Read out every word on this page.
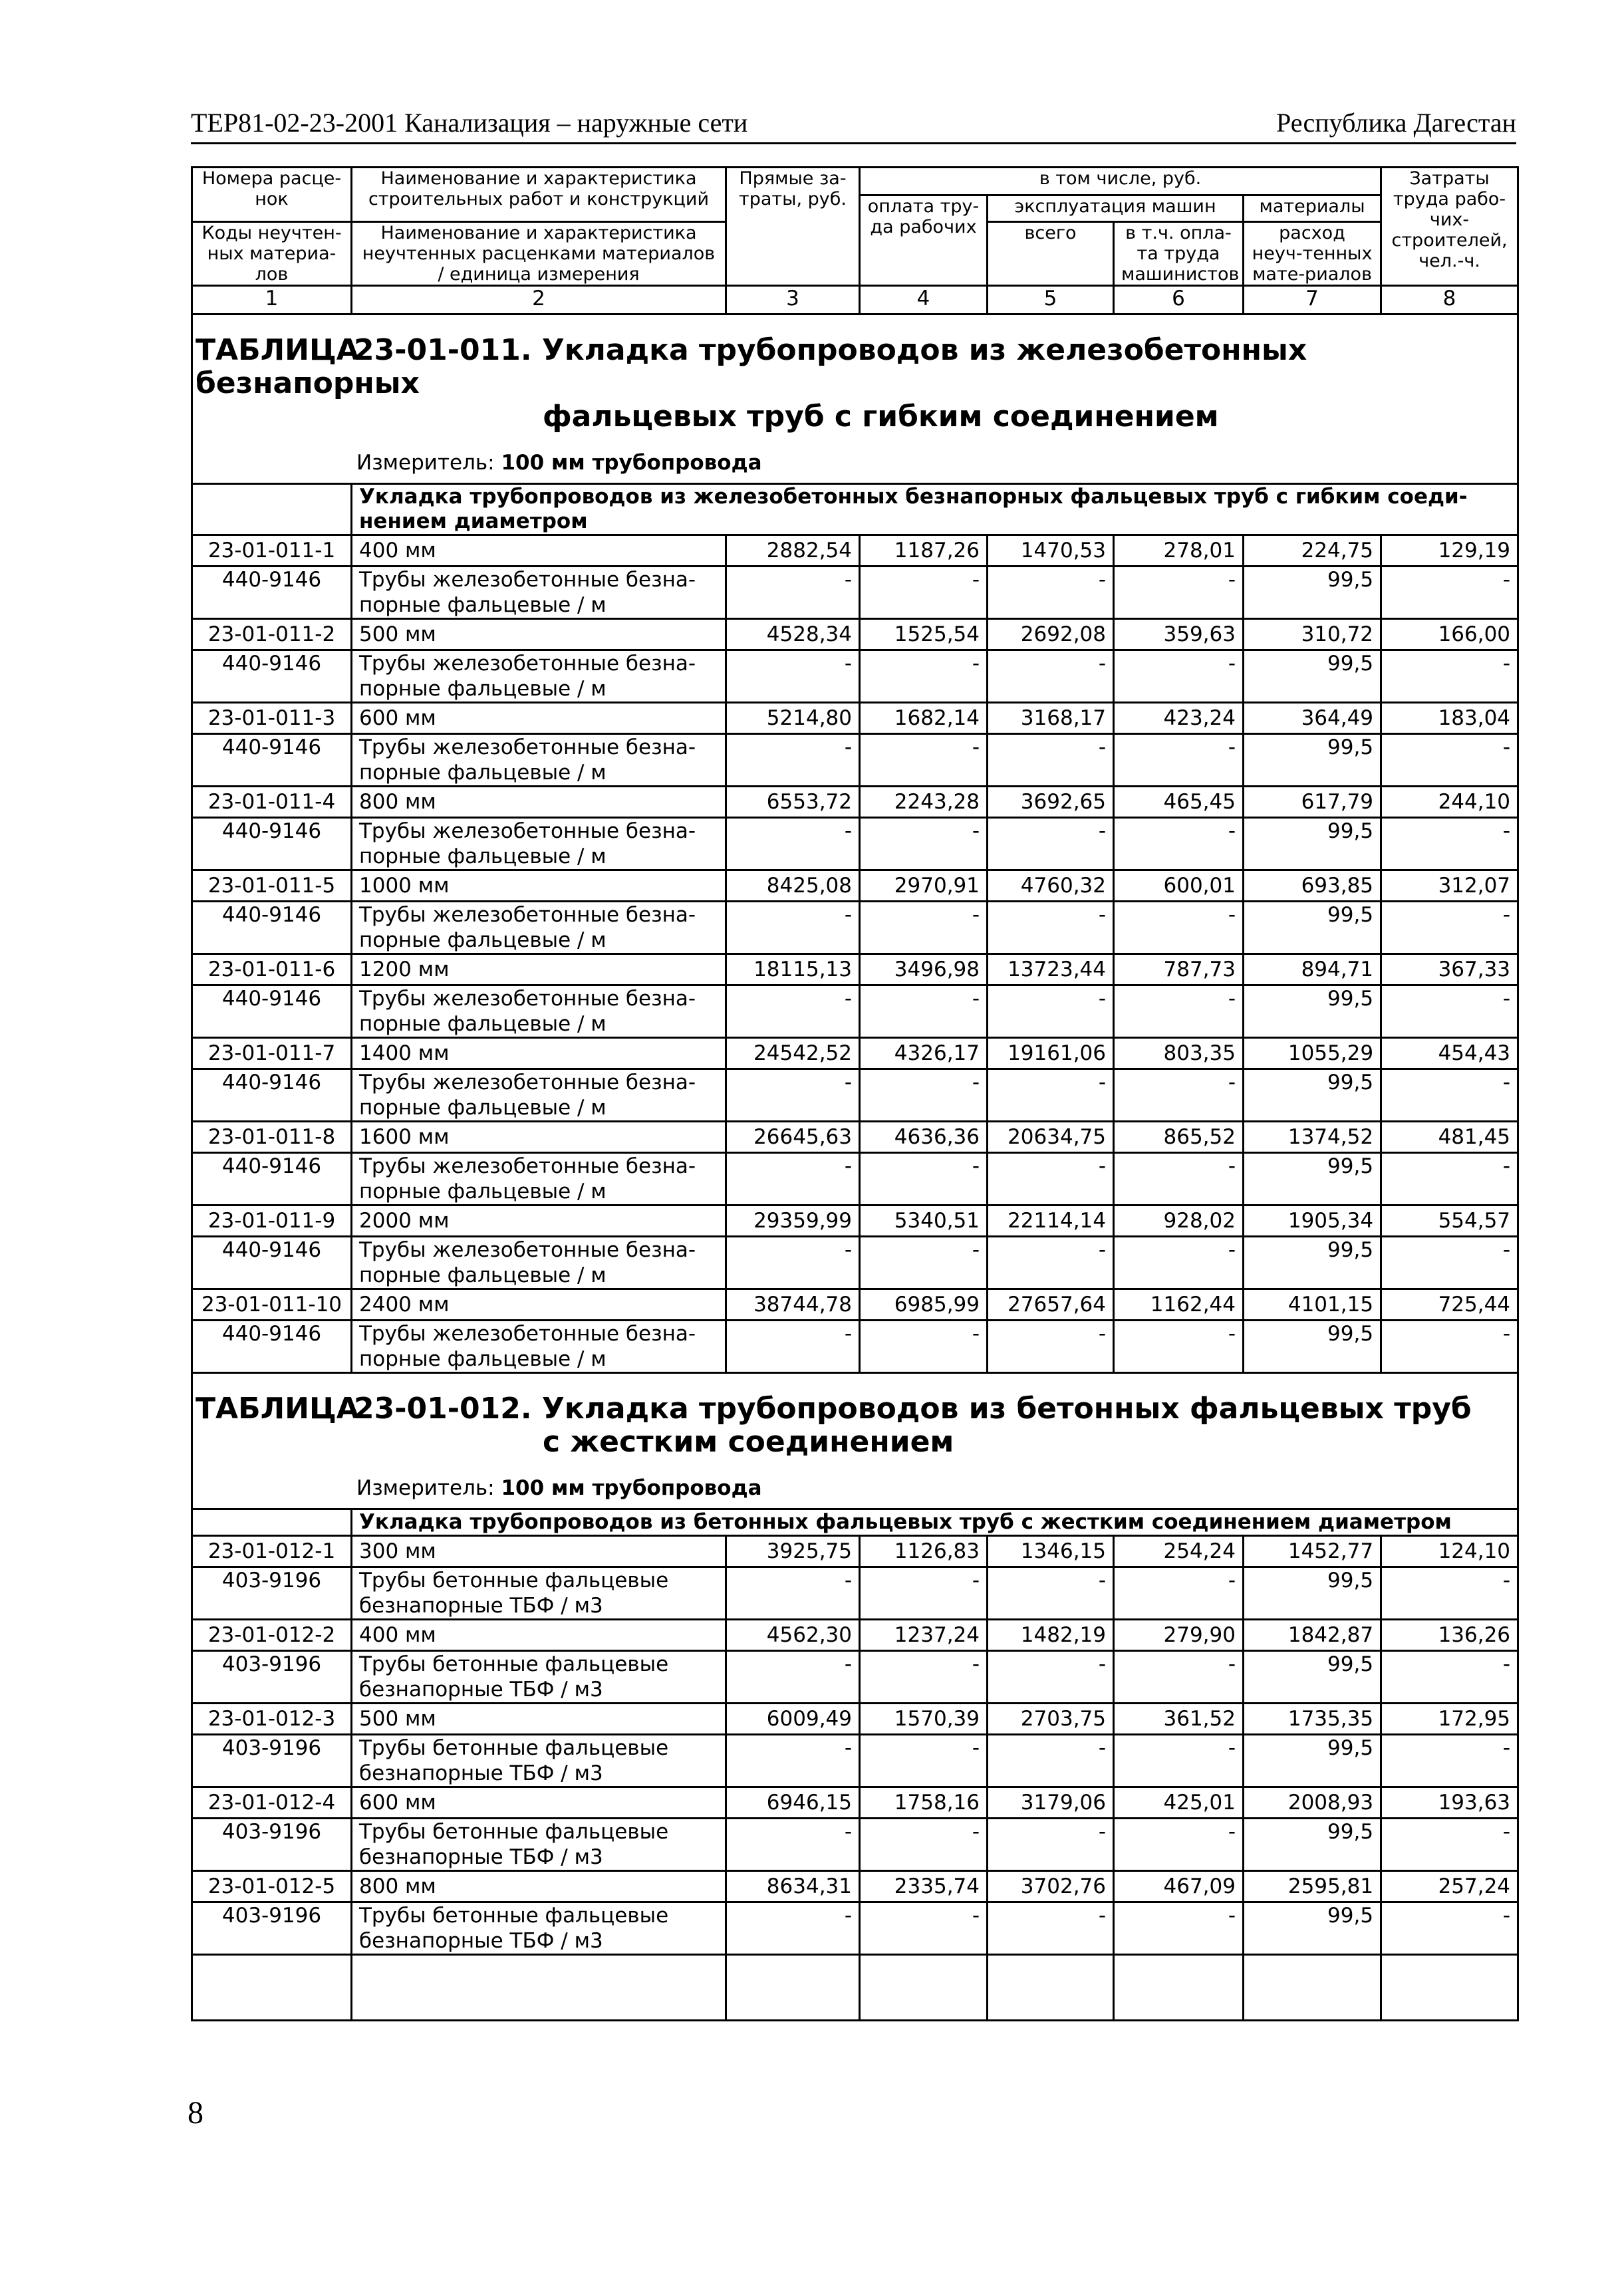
ТЕР81-02-23-2001 Канализация – наружные сети	Республика Дагестан
Номера расце-нок	Наименование и характеристика строительных работ и конструкций	Прямые за-траты, руб.	в том числе, руб.				Затраты труда рабо-чих-строителей, чел.-ч.
			оплата тру-да рабочих	эксплуатация машин		материалы	
Коды неучтен-ных материа-лов	Наименование и характеристика неучтенных расценками материалов / единица измерения			всего	в т.ч. опла-та труда машинистов	расход неуч-тенных мате-риалов	

1	2	3	4	5	6	7	8

ТАБЛИЦА23-01-011. Укладка трубопроводов из железобетонных безнапорных
фальцевых труб с гибким соединением
Измеритель: 100 мм трубопровода							

	Укладка трубопроводов из железобетонных безнапорных фальцевых труб с гибким соеди-нением диаметром						
23-01-011-1	400 мм	2882,54	1187,26	1470,53	278,01	224,75	129,19
440-9146	Трубы железобетонные безна-порные фальцевые / м	-	-	-	-	99,5	-
23-01-011-2	500 мм	4528,34	1525,54	2692,08	359,63	310,72	166,00
440-9146	Трубы железобетонные безна-порные фальцевые / м	-	-	-	-	99,5	-
23-01-011-3	600 мм	5214,80	1682,14	3168,17	423,24	364,49	183,04
440-9146	Трубы железобетонные безна-порные фальцевые / м	-	-	-	-	99,5	-
23-01-011-4	800 мм	6553,72	2243,28	3692,65	465,45	617,79	244,10
440-9146	Трубы железобетонные безна-порные фальцевые / м	-	-	-	-	99,5	-
23-01-011-5	1000 мм	8425,08	2970,91	4760,32	600,01	693,85	312,07
440-9146	Трубы железобетонные безна-порные фальцевые / м	-	-	-	-	99,5	-
23-01-011-6	1200 мм	18115,13	3496,98	13723,44	787,73	894,71	367,33
440-9146	Трубы железобетонные безна-порные фальцевые / м	-	-	-	-	99,5	-
23-01-011-7	1400 мм	24542,52	4326,17	19161,06	803,35	1055,29	454,43
440-9146	Трубы железобетонные безна-порные фальцевые / м	-	-	-	-	99,5	-
23-01-011-8	1600 мм	26645,63	4636,36	20634,75	865,52	1374,52	481,45
440-9146	Трубы железобетонные безна-порные фальцевые / м	-	-	-	-	99,5	-
23-01-011-9	2000 мм	29359,99	5340,51	22114,14	928,02	1905,34	554,57
440-9146	Трубы железобетонные безна-порные фальцевые / м	-	-	-	-	99,5	-
23-01-011-10	2400 мм	38744,78	6985,99	27657,64	1162,44	4101,15	725,44
440-9146	Трубы железобетонные безна-порные фальцевые / м	-	-	-	-	99,5	-

ТАБЛИЦА23-01-012. Укладка трубопроводов из бетонных фальцевых труб
с жестким соединением
Измеритель: 100 мм трубопровода							

	Укладка трубопроводов из бетонных фальцевых труб с жестким соединением диаметром						
23-01-012-1	300 мм	3925,75	1126,83	1346,15	254,24	1452,77	124,10
403-9196	Трубы бетонные фальцевые безнапорные ТБФ / м3	-	-	-	-	99,5	-
23-01-012-2	400 мм	4562,30	1237,24	1482,19	279,90	1842,87	136,26
403-9196	Трубы бетонные фальцевые безнапорные ТБФ / м3	-	-	-	-	99,5	-
23-01-012-3	500 мм	6009,49	1570,39	2703,75	361,52	1735,35	172,95
403-9196	Трубы бетонные фальцевые безнапорные ТБФ / м3	-	-	-	-	99,5	-
23-01-012-4	600 мм	6946,15	1758,16	3179,06	425,01	2008,93	193,63
403-9196	Трубы бетонные фальцевые безнапорные ТБФ / м3	-	-	-	-	99,5	-
23-01-012-5	800 мм	8634,31	2335,74	3702,76	467,09	2595,81	257,24
403-9196	Трубы бетонные фальцевые безнапорные ТБФ / м3	-	-	-	-	99,5	-

8
